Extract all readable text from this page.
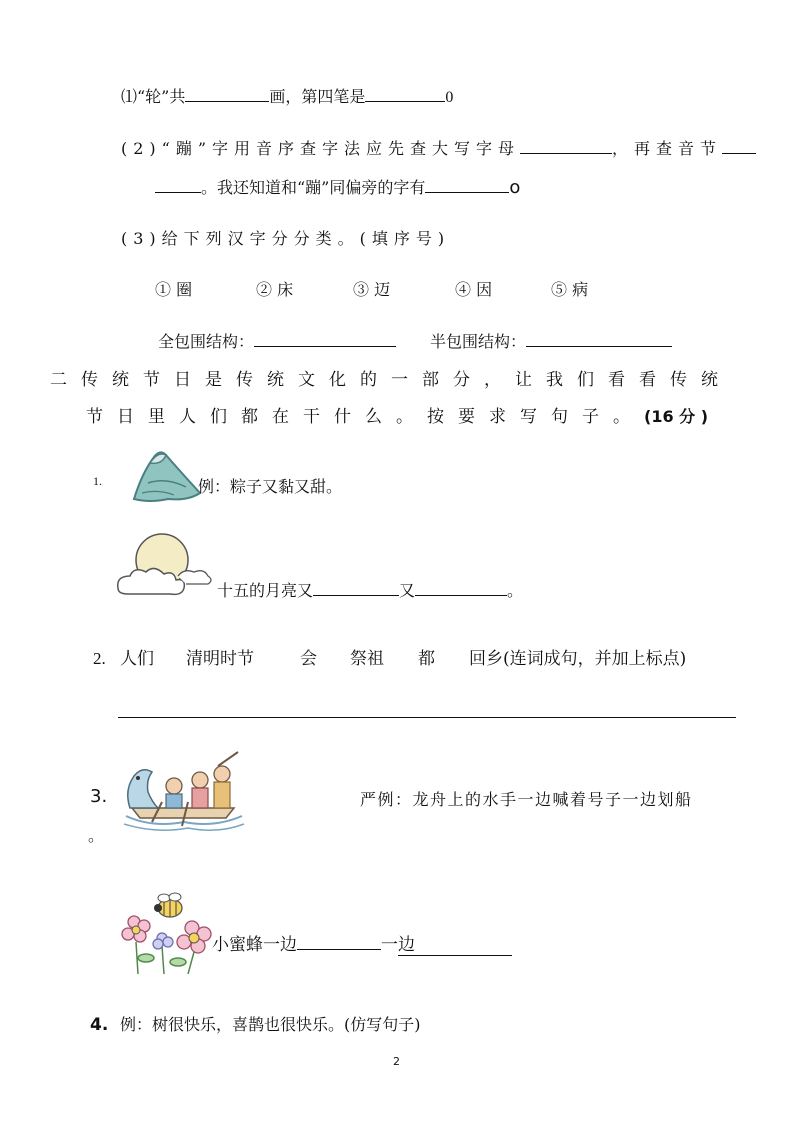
⑴“轮”共	画，第四笔是	0
(2)“蹦”字用音序查字法应先查大写字母	，再查音节
。我还知道和“蹦”同偏旁的字有	o
(3)给下列汉字分分类。(填序号)
① 圈	② 床	③ 迈	④ 因	⑤ 病
全包围结构：	半包围结构：
二传统节日是传统文化的一部分，让我们看看传统
节日里人们都在干什么。按要求写句子。(16 分 )
1.	例：粽子又黏又甜。
十五的月亮又	又	。
2. 人们 清明时节	会 祭祖 都 回乡(连词成句，并加上标点)
3.	严例：龙舟上的水手一边喊着号子一边划船
。
小蜜蜂一边	一边
4. 例：树很快乐，喜鹊也很快乐。(仿写句子)
2
